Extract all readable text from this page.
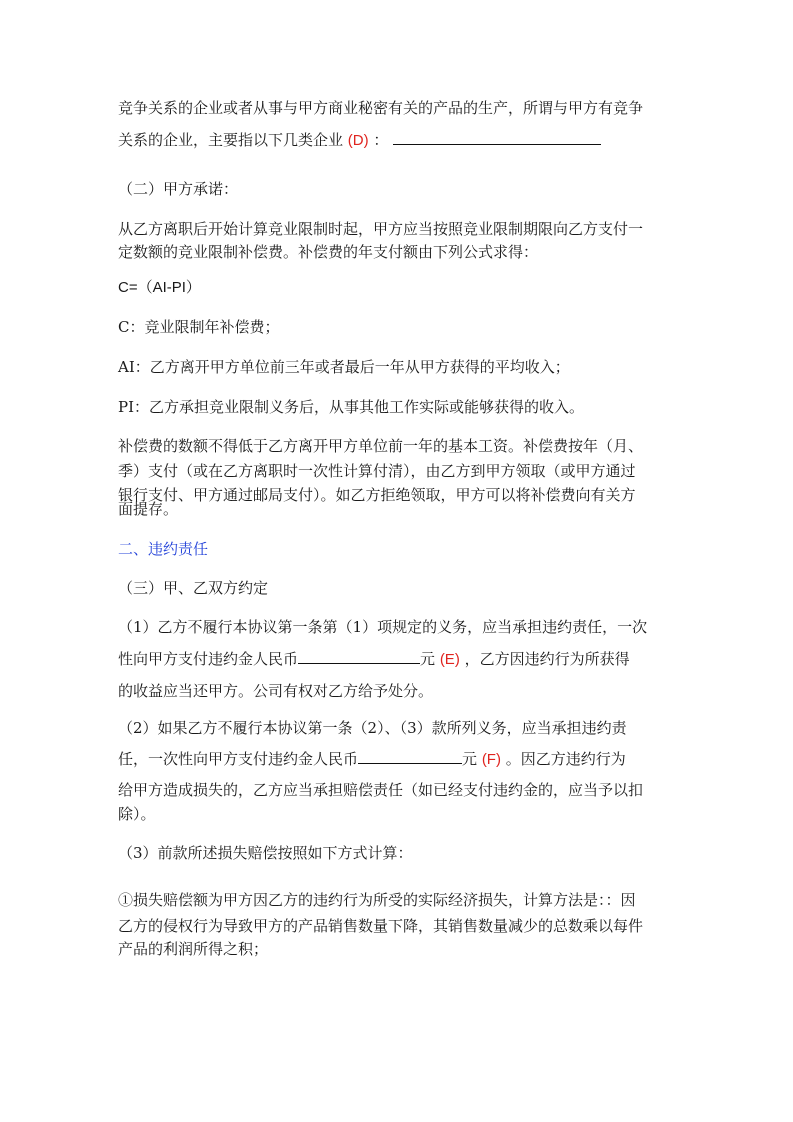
竞争关系的企业或者从事与甲方商业秘密有关的产品的生产，所谓与甲方有竞争
关系的企业，主要指以下几类企业 (D) ：
（二）甲方承诺：
从乙方离职后开始计算竞业限制时起，甲方应当按照竞业限制期限向乙方支付一
定数额的竞业限制补偿费。补偿费的年支付额由下列公式求得：
C=（AI-PI）
C：竞业限制年补偿费；
AI：乙方离开甲方单位前三年或者最后一年从甲方获得的平均收入；
PI：乙方承担竞业限制义务后，从事其他工作实际或能够获得的收入。
补偿费的数额不得低于乙方离开甲方单位前一年的基本工资。补偿费按年（月、
季）支付（或在乙方离职时一次性计算付清），由乙方到甲方领取（或甲方通过
银行支付、甲方通过邮局支付）。如乙方拒绝领取，甲方可以将补偿费向有关方
面提存。
二、违约责任
（三）甲、乙双方约定
（1）乙方不履行本协议第一条第（1）项规定的义务，应当承担违约责任，一次
性向甲方支付违约金人民币	元 (E) ，乙方因违约行为所获得
的收益应当还甲方。公司有权对乙方给予处分。
（2）如果乙方不履行本协议第一条（2）、（3）款所列义务，应当承担违约责
任，一次性向甲方支付违约金人民币	元 (F) 。因乙方违约行为
给甲方造成损失的，乙方应当承担赔偿责任（如已经支付违约金的，应当予以扣
除）。
（3）前款所述损失赔偿按照如下方式计算：
①损失赔偿额为甲方因乙方的违约行为所受的实际经济损失，计算方法是：：因
乙方的侵权行为导致甲方的产品销售数量下降，其销售数量减少的总数乘以每件
产品的利润所得之积；
